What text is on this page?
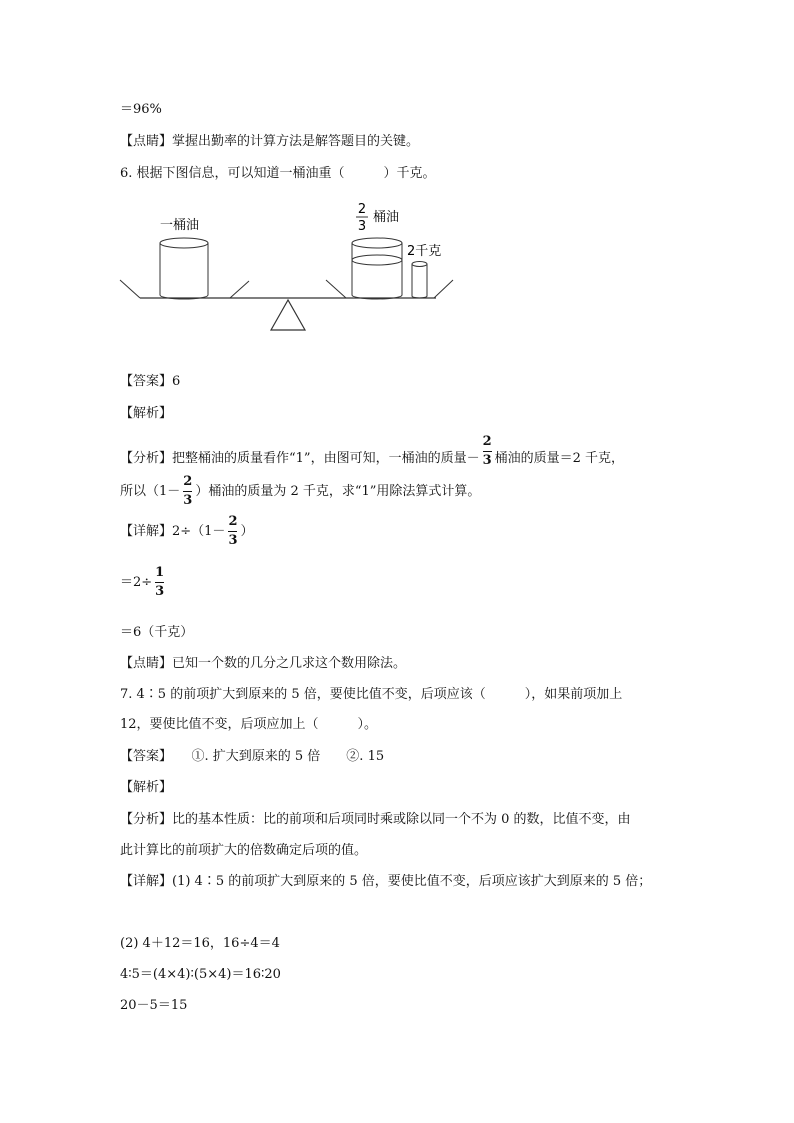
＝96%
【点睛】掌握出勤率的计算方法是解答题目的关键。
6. 根据下图信息，可以知道一桶油重（　　　）千克。
一桶油
2
3
桶油
2千克
【答案】6
【解析】
【分析】把整桶油的质量看作“1”，由图可知，一桶油的质量－ $\frac{2}{3}$ 桶油的质量＝2 千克，
所以（$1- \frac{2}{3}$ ）桶油的质量为 2 千克，求“1”用除法算式计算。
【详解】$2\div(1- \frac{2}{3}$ ）
$=2\div \frac{1}{3}$
＝6（千克）
【点睛】已知一个数的几分之几求这个数用除法。
7. 4∶5 的前项扩大到原来的 5 倍，要使比值不变，后项应该（　　　），如果前项加上
12，要使比值不变，后项应加上（　　　）。
【答案】　　①. 扩大到原来的 5 倍　　②. 15
【解析】
【分析】比的基本性质：比的前项和后项同时乘或除以同一个不为 0 的数，比值不变，由
此计算比的前项扩大的倍数确定后项的值。
【详解】(1) 4∶5 的前项扩大到原来的 5 倍，要使比值不变，后项应该扩大到原来的 5 倍；
(2) 4＋12＝16，16÷4＝4
4∶5＝(4×4)∶(5×4)＝16∶20
20－5＝15
